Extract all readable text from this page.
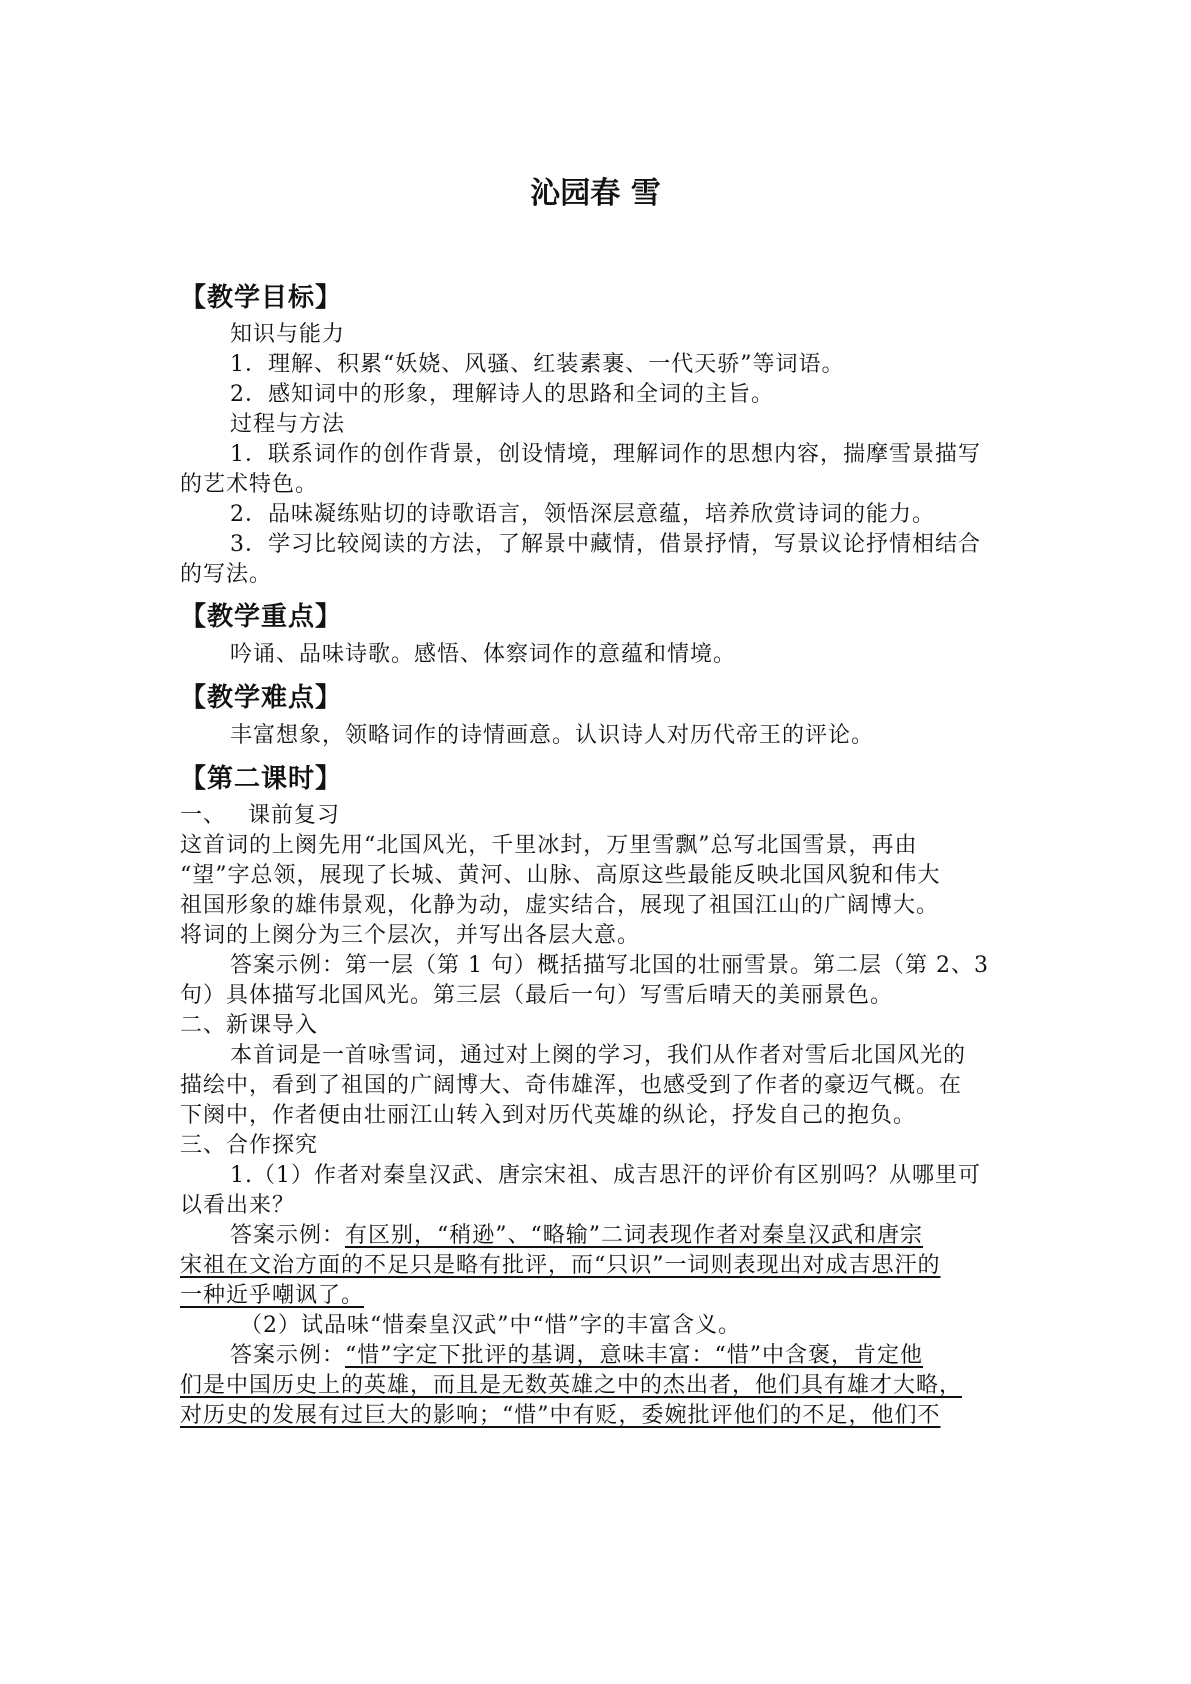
沁园春 雪
【教学目标】
知识与能力
1．理解、积累“妖娆、风骚、红装素裹、一代天骄”等词语。
2．感知词中的形象，理解诗人的思路和全词的主旨。
过程与方法
1．联系词作的创作背景，创设情境，理解词作的思想内容，揣摩雪景描写
的艺术特色。
2．品味凝练贴切的诗歌语言，领悟深层意蕴，培养欣赏诗词的能力。
3．学习比较阅读的方法，了解景中藏情，借景抒情，写景议论抒情相结合
的写法。
【教学重点】
吟诵、品味诗歌。感悟、体察词作的意蕴和情境。
【教学难点】
丰富想象，领略词作的诗情画意。认识诗人对历代帝王的评论。
【第二课时】
一、 课前复习
这首词的上阕先用“北国风光，千里冰封，万里雪飘”总写北国雪景，再由
“望”字总领，展现了长城、黄河、山脉、高原这些最能反映北国风貌和伟大
祖国形象的雄伟景观，化静为动，虚实结合，展现了祖国江山的广阔博大。
将词的上阕分为三个层次，并写出各层大意。
答案示例：第一层（第 1 句）概括描写北国的壮丽雪景。第二层（第 2、3
句）具体描写北国风光。第三层（最后一句）写雪后晴天的美丽景色。
二、新课导入
本首词是一首咏雪词，通过对上阕的学习，我们从作者对雪后北国风光的
描绘中，看到了祖国的广阔博大、奇伟雄浑，也感受到了作者的豪迈气概。在
下阕中，作者便由壮丽江山转入到对历代英雄的纵论，抒发自己的抱负。
三、合作探究
1.（1）作者对秦皇汉武、唐宗宋祖、成吉思汗的评价有区别吗？从哪里可
以看出来？
答案示例：有区别，“稍逊”、“略输”二词表现作者对秦皇汉武和唐宗
宋祖在文治方面的不足只是略有批评，而“只识”一词则表现出对成吉思汗的
一种近乎嘲讽了。
（2）试品味“惜秦皇汉武”中“惜”字的丰富含义。
答案示例：“惜”字定下批评的基调，意味丰富：“惜”中含褒，肯定他
们是中国历史上的英雄，而且是无数英雄之中的杰出者，他们具有雄才大略，
对历史的发展有过巨大的影响；“惜”中有贬，委婉批评他们的不足，他们不
